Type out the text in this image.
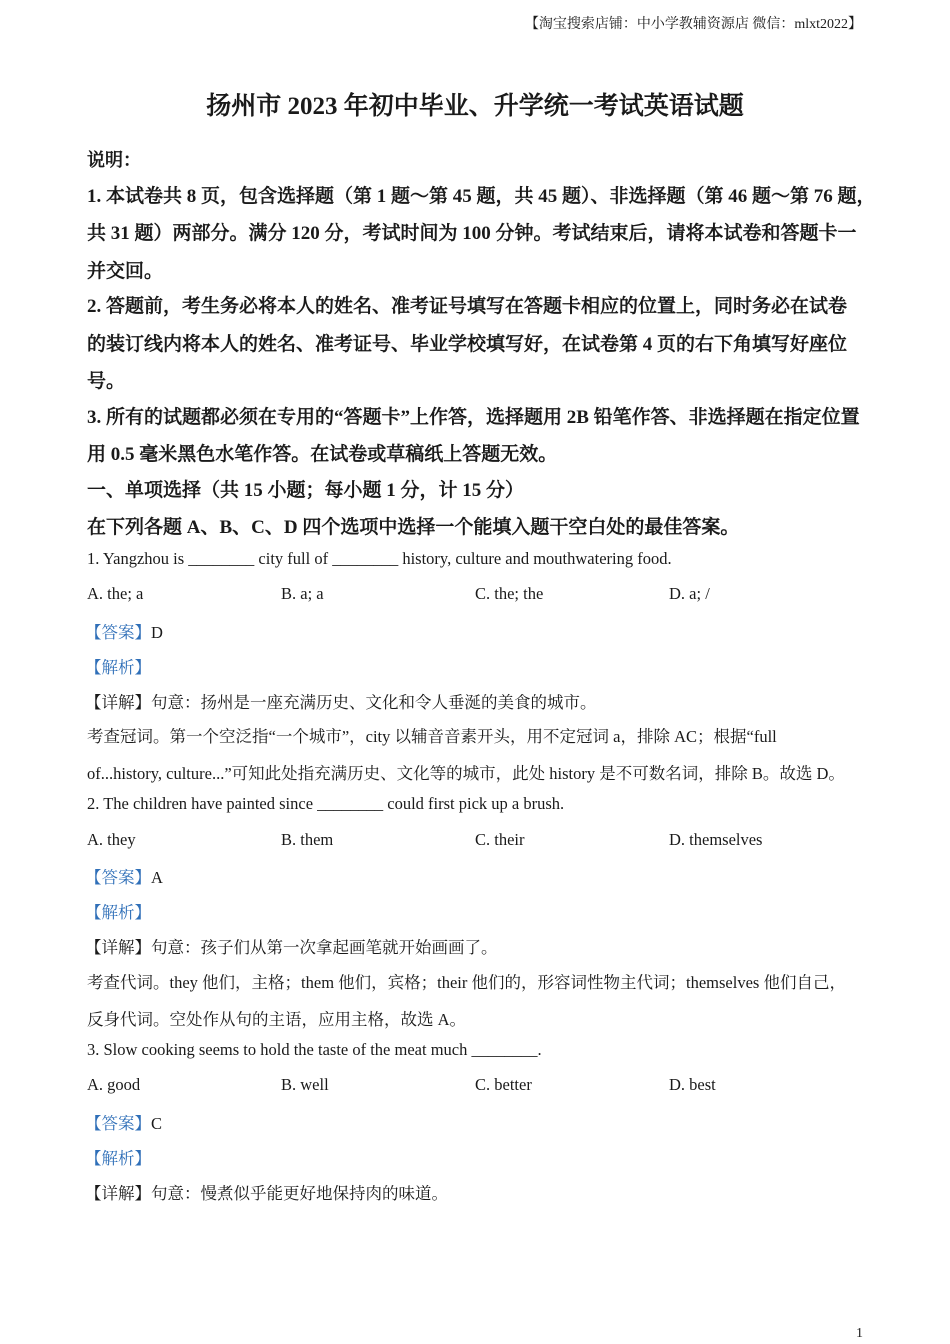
【淘宝搜索店铺：中小学教辅资源店 微信：mlxt2022】
扬州市 2023 年初中毕业、升学统一考试英语试题
说明：
1. 本试卷共 8 页，包含选择题（第 1 题～第 45 题，共 45 题）、非选择题（第 46 题～第 76 题，
共 31 题）两部分。满分 120 分，考试时间为 100 分钟。考试结束后，请将本试卷和答题卡一
并交回。
2. 答题前，考生务必将本人的姓名、准考证号填写在答题卡相应的位置上，同时务必在试卷
的装订线内将本人的姓名、准考证号、毕业学校填写好，在试卷第 4 页的右下角填写好座位
号。
3. 所有的试题都必须在专用的“答题卡”上作答，选择题用 2B 铅笔作答、非选择题在指定位置
用 0.5 毫米黑色水笔作答。在试卷或草稿纸上答题无效。
一、单项选择（共 15 小题；每小题 1 分，计 15 分）
在下列各题 A、B、C、D 四个选项中选择一个能填入题干空白处的最佳答案。
1. Yangzhou is ________ city full of ________ history, culture and mouthwatering food.
A. the; a	B. a; a	C. the; the	D. a; /
【答案】D
【解析】
【详解】句意：扬州是一座充满历史、文化和令人垂涎的美食的城市。
考查冠词。第一个空泛指“一个城市”，city 以辅音音素开头，用不定冠词 a，排除 AC；根据“full
of...history, culture...”可知此处指充满历史、文化等的城市，此处 history 是不可数名词，排除 B。故选 D。
2. The children have painted since ________ could first pick up a brush.
A. they	B. them	C. their	D. themselves
【答案】A
【解析】
【详解】句意：孩子们从第一次拿起画笔就开始画画了。
考查代词。they 他们，主格；them 他们，宾格；their 他们的，形容词性物主代词；themselves 他们自己，
反身代词。空处作从句的主语，应用主格，故选 A。
3. Slow cooking seems to hold the taste of the meat much ________.
A. good	B. well	C. better	D. best
【答案】C
【解析】
【详解】句意：慢煮似乎能更好地保持肉的味道。
1
